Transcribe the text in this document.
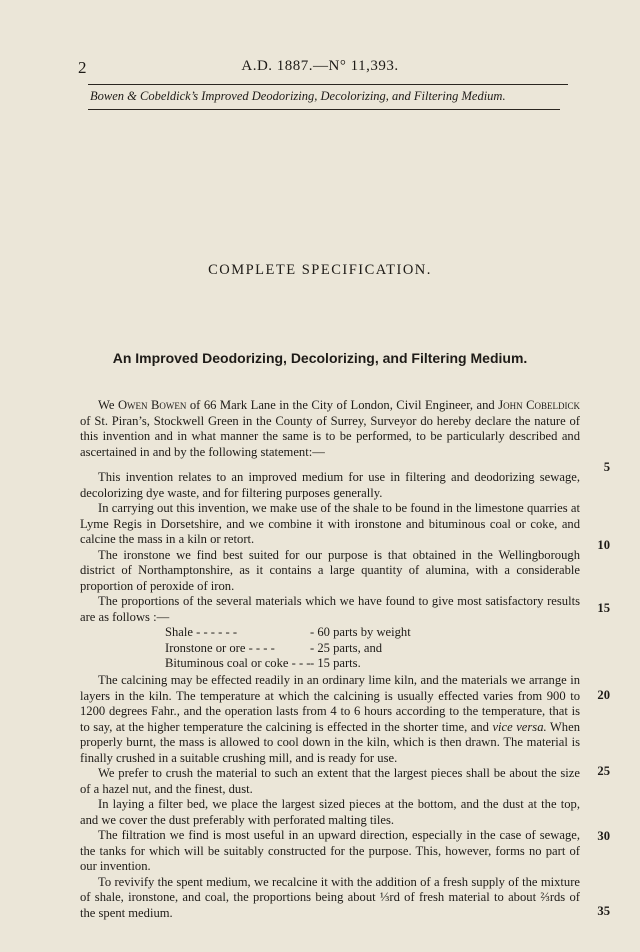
2	A.D. 1887.—N° 11,393.
Bowen & Cobeldick’s Improved Deodorizing, Decolorizing, and Filtering Medium.
COMPLETE SPECIFICATION.
An Improved Deodorizing, Decolorizing, and Filtering Medium.

We Owen Bowen of 66 Mark Lane in the City of London, Civil Engineer, and John Cobeldick of St. Piran’s, Stockwell Green in the County of Surrey, Surveyor do hereby declare the nature of this invention and in what manner the same is to be performed, to be particularly described and ascertained in and by the following statement:—

This invention relates to an improved medium for use in filtering and deodorizing sewage, decolorizing dye waste, and for filtering purposes generally.

In carrying out this invention, we make use of the shale to be found in the limestone quarries at Lyme Regis in Dorsetshire, and we combine it with ironstone and bituminous coal or coke, and calcine the mass in a kiln or retort.

The ironstone we find best suited for our purpose is that obtained in the Wellingborough district of Northamptonshire, as it contains a large quantity of alumina, with a considerable proportion of peroxide of iron.

The proportions of the several materials which we have found to give most satisfactory results are as follows :—

Shale - - - - - -	- 60 parts by weight
Ironstone or ore - - - -	- 25 parts, and
Bituminous coal or coke - - - - 15 parts.

The calcining may be effected readily in an ordinary lime kiln, and the materials we arrange in layers in the kiln. The temperature at which the calcining is usually effected varies from 900 to 1200 degrees Fahr., and the operation lasts from 4 to 6 hours according to the temperature, that is to say, at the higher temperature the calcining is effected in the shorter time, and vice versa. When properly burnt, the mass is allowed to cool down in the kiln, which is then drawn. The material is finally crushed in a suitable crushing mill, and is ready for use.

We prefer to crush the material to such an extent that the largest pieces shall be about the size of a hazel nut, and the finest, dust.

In laying a filter bed, we place the largest sized pieces at the bottom, and the dust at the top, and we cover the dust preferably with perforated malting tiles.

The filtration we find is most useful in an upward direction, especially in the case of sewage, the tanks for which will be suitably constructed for the purpose. This, however, forms no part of our invention.

To revivify the spent medium, we recalcine it with the addition of a fresh supply of the mixture of shale, ironstone, and coal, the proportions being about ⅓rd of fresh material to about ⅔rds of the spent medium.

5
10
15
20
25
30
35
